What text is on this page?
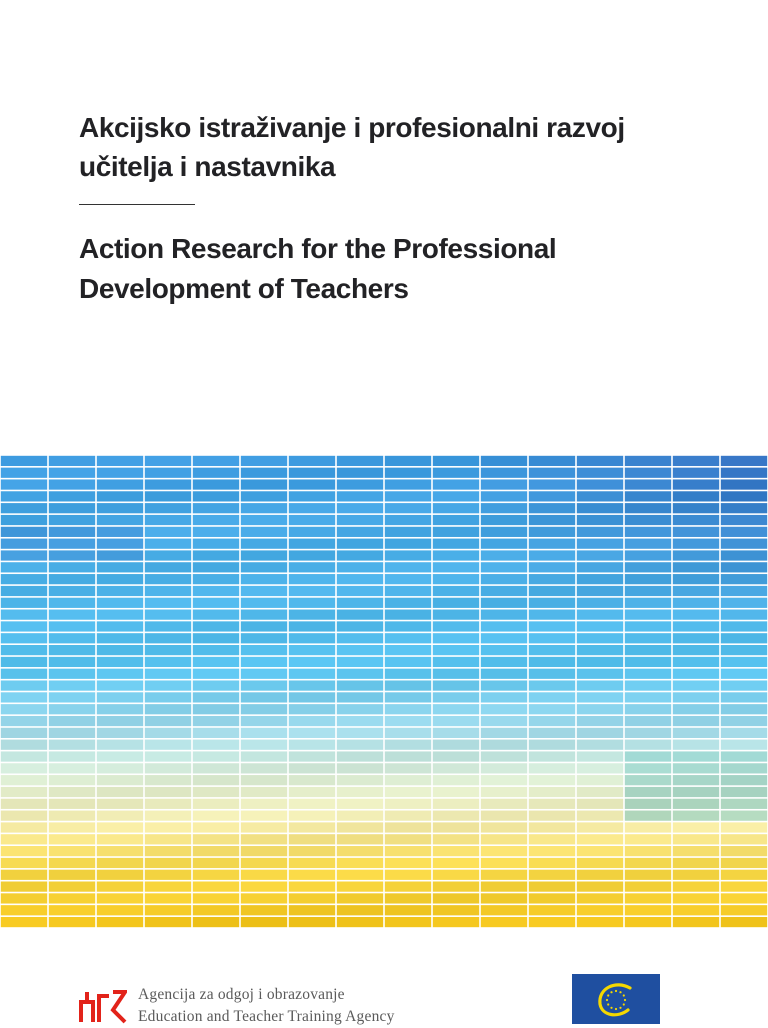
Akcijsko istraživanje i profesionalni razvoj
učitelja i nastavnika
Action Research for the Professional
Development of Teachers
Agencija za odgoj i obrazovanje
Education and Teacher Training Agency
